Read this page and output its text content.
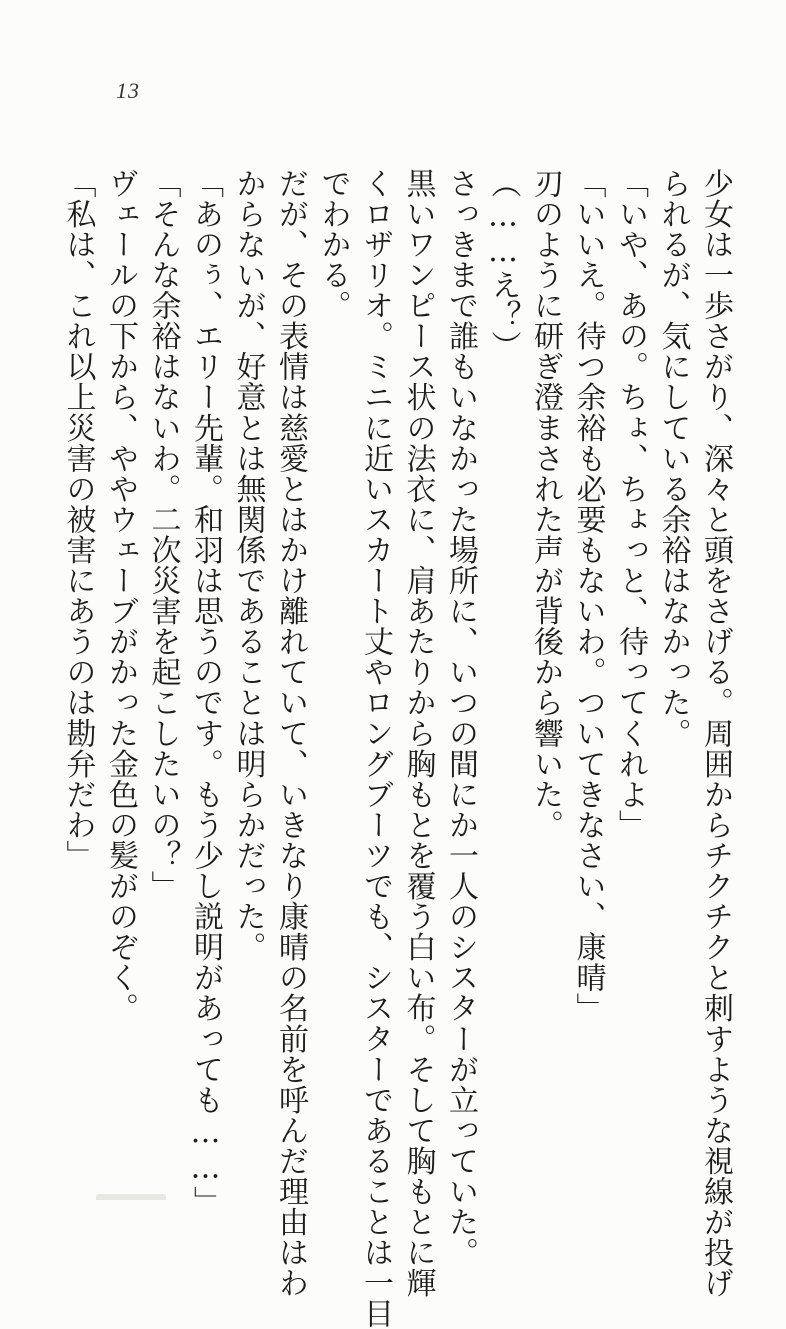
13
少女は一歩さがり、深々と頭をさげる。周囲からチクチクと刺すような視線が投げ
られるが、気にしている余裕はなかった。
「いや、あの。ちょ、ちょっと、待ってくれよ」
「いいえ。待つ余裕も必要もないわ。ついてきなさい、康晴」
刃のように研ぎ澄まされた声が背後から響いた。
（……え？）
さっきまで誰もいなかった場所に、いつの間にか一人のシスターが立っていた。
黒いワンピース状の法衣に、肩あたりから胸もとを覆う白い布。そして胸もとに輝
くロザリオ。ミニに近いスカート丈やロングブーツでも、シスターであることは一目
でわかる。
だが、その表情は慈愛とはかけ離れていて、いきなり康晴の名前を呼んだ理由はわ
からないが、好意とは無関係であることは明らかだった。
「あのぅ、エリー先輩。和羽は思うのです。もう少し説明があっても……」
「そんな余裕はないわ。二次災害を起こしたいの？」
ヴェールの下から、ややウェーブがかった金色の髪がのぞく。
「私は、これ以上災害の被害にあうのは勘弁だわ」
